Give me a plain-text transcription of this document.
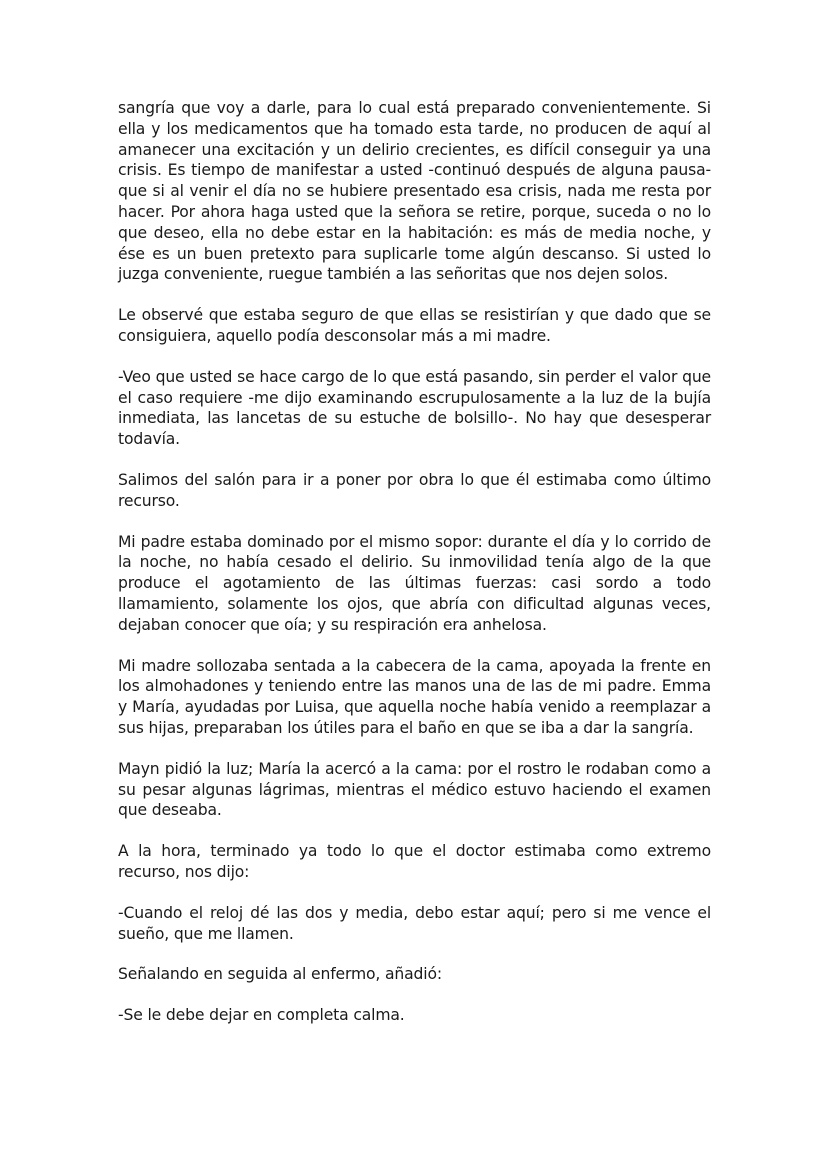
sangría que voy a darle, para lo cual está preparado convenientemente. Si ella y los medicamentos que ha tomado esta tarde, no producen de aquí al amanecer una excitación y un delirio crecientes, es difícil conseguir ya una crisis. Es tiempo de manifestar a usted -continuó después de alguna pausa- que si al venir el día no se hubiere presentado esa crisis, nada me resta por hacer. Por ahora haga usted que la señora se retire, porque, suceda o no lo que deseo, ella no debe estar en la habitación: es más de media noche, y ése es un buen pretexto para suplicarle tome algún descanso. Si usted lo juzga conveniente, ruegue también a las señoritas que nos dejen solos.

Le observé que estaba seguro de que ellas se resistirían y que dado que se consiguiera, aquello podía desconsolar más a mi madre.

-Veo que usted se hace cargo de lo que está pasando, sin perder el valor que el caso requiere -me dijo examinando escrupulosamente a la luz de la bujía inmediata, las lancetas de su estuche de bolsillo-. No hay que desesperar todavía.

Salimos del salón para ir a poner por obra lo que él estimaba como último recurso.

Mi padre estaba dominado por el mismo sopor: durante el día y lo corrido de la noche, no había cesado el delirio. Su inmovilidad tenía algo de la que produce el agotamiento de las últimas fuerzas: casi sordo a todo llamamiento, solamente los ojos, que abría con dificultad algunas veces, dejaban conocer que oía; y su respiración era anhelosa.

Mi madre sollozaba sentada a la cabecera de la cama, apoyada la frente en los almohadones y teniendo entre las manos una de las de mi padre. Emma y María, ayudadas por Luisa, que aquella noche había venido a reemplazar a sus hijas, preparaban los útiles para el baño en que se iba a dar la sangría.

Mayn pidió la luz; María la acercó a la cama: por el rostro le rodaban como a su pesar algunas lágrimas, mientras el médico estuvo haciendo el examen que deseaba.

A la hora, terminado ya todo lo que el doctor estimaba como extremo recurso, nos dijo:

-Cuando el reloj dé las dos y media, debo estar aquí; pero si me vence el sueño, que me llamen.

Señalando en seguida al enfermo, añadió:

-Se le debe dejar en completa calma.
